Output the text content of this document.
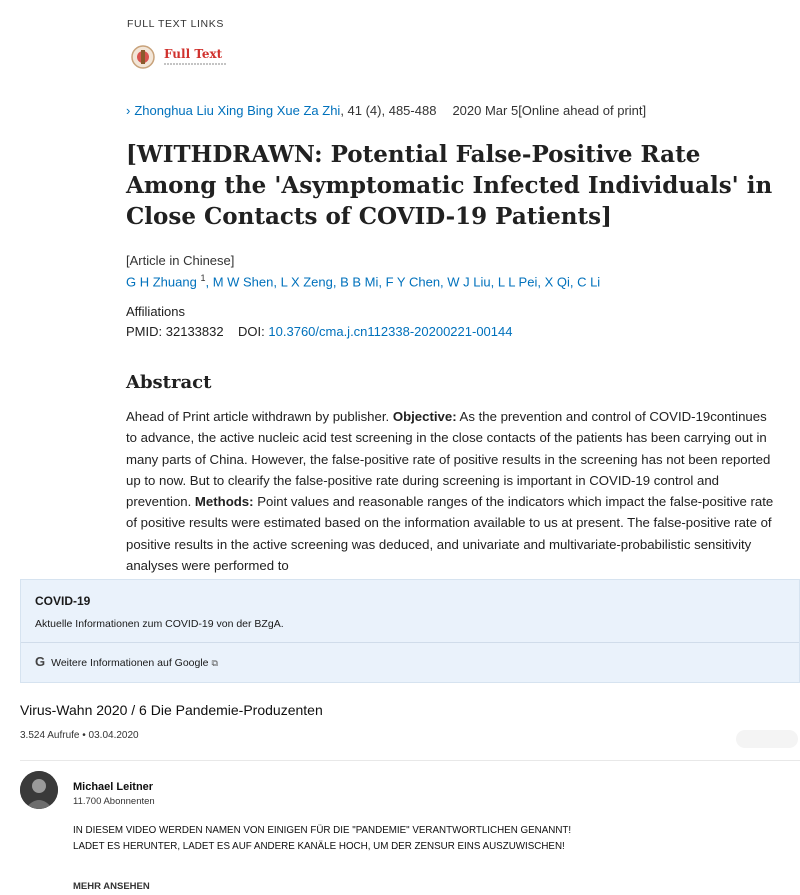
FULL TEXT LINKS
Full Text
› Zhonghua Liu Xing Bing Xue Za Zhi, 41 (4), 485-488 2020 Mar 5[Online ahead of print]
[WITHDRAWN: Potential False-Positive Rate Among the 'Asymptomatic Infected Individuals' in Close Contacts of COVID-19 Patients]
[Article in Chinese]
G H Zhuang $^1$, M W Shen, L X Zeng, B B Mi, F Y Chen, W J Liu, L L Pei, X Qi, C Li
Affiliations
PMID: 32133832 DOI: 10.3760/cma.j.cn112338-20200221-00144
Abstract

Ahead of Print article withdrawn by publisher. Objective: As the prevention and control of COVID-19continues to advance, the active nucleic acid test screening in the close contacts of the patients has been carrying out in many parts of China. However, the false-positive rate of positive results in the screening has not been reported up to now. But to clearify the false-positive rate during screening is important in COVID-19 control and prevention. Methods: Point values and reasonable ranges of the indicators which impact the false-positive rate of positive results were estimated based on the information available to us at present. The false-positive rate of positive results in the active screening was deduced, and univariate and multivariate-probabilistic sensitivity analyses were performed to

COVID-19
Aktuelle Informationen zum COVID-19 von der BZgA.
G Weitere Informationen auf Google ⧉
Virus-Wahn 2020 / 6 Die Pandemie-Produzenten
3.524 Aufrufe • 03.04.2020
Michael Leitner
11.700 Abonnenten

IN DIESEM VIDEO WERDEN NAMEN VON EINIGEN FÜR DIE "PANDEMIE" VERANTWORTLICHEN GENANNT! LADET ES HERUNTER, LADET ES AUF ANDERE KANÄLE HOCH, UM DER ZENSUR EINS AUSZUWISCHEN!

MEHR ANSEHEN
